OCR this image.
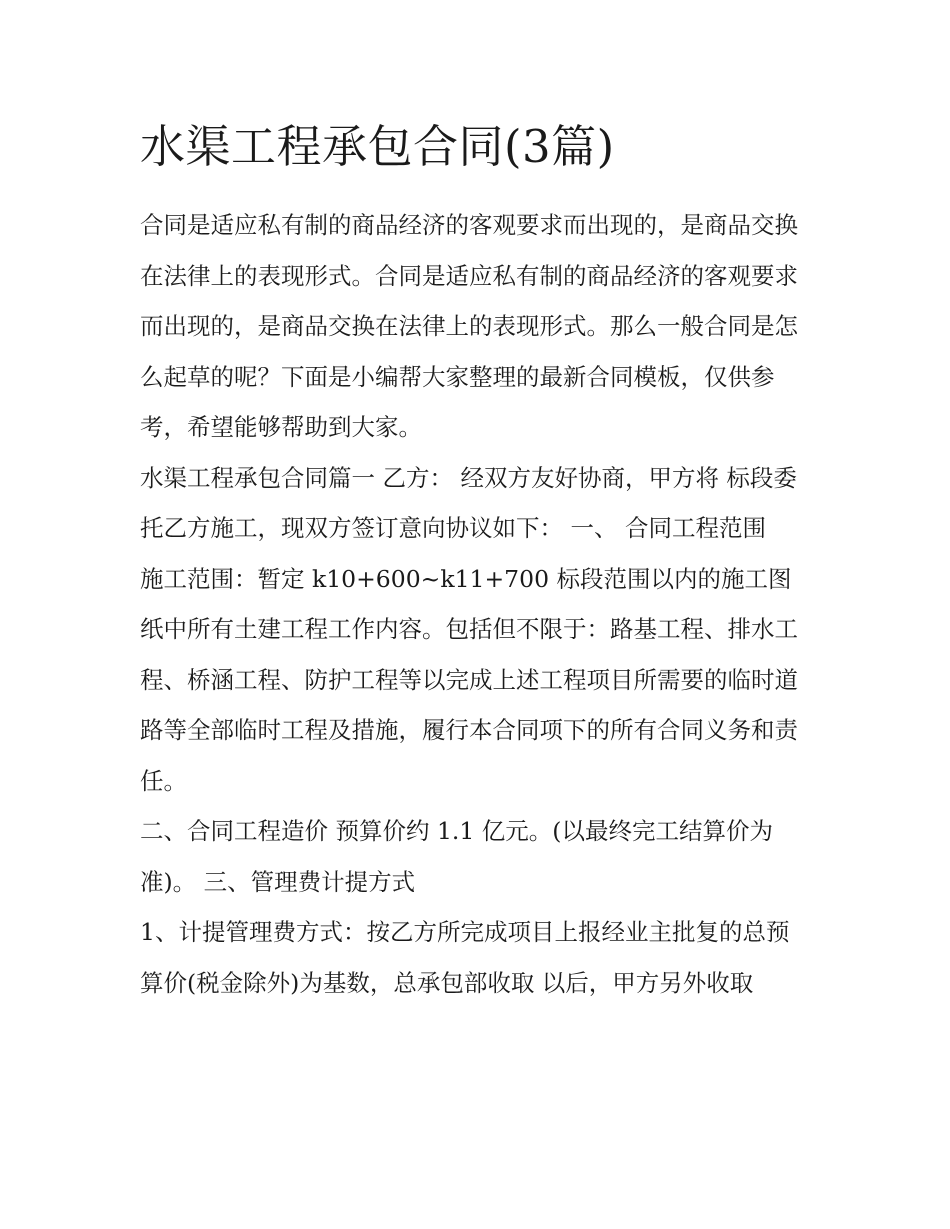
水渠工程承包合同(3篇)

合同是适应私有制的商品经济的客观要求而出现的，是商品交换在法律上的表现形式。合同是适应私有制的商品经济的客观要求而出现的，是商品交换在法律上的表现形式。那么一般合同是怎么起草的呢？下面是小编帮大家整理的最新合同模板，仅供参考，希望能够帮助到大家。

水渠工程承包合同篇一 乙方： 经双方友好协商，甲方将 标段委托乙方施工，现双方签订意向协议如下： 一、 合同工程范围

施工范围：暂定 k10+600~k11+700 标段范围以内的施工图纸中所有土建工程工作内容。包括但不限于：路基工程、排水工程、桥涵工程、防护工程等以完成上述工程项目所需要的临时道路等全部临时工程及措施，履行本合同项下的所有合同义务和责任。

二、合同工程造价 预算价约 1.1 亿元。(以最终完工结算价为准)。 三、管理费计提方式

1、计提管理费方式：按乙方所完成项目上报经业主批复的总预算价(税金除外)为基数，总承包部收取 以后，甲方另外收取
